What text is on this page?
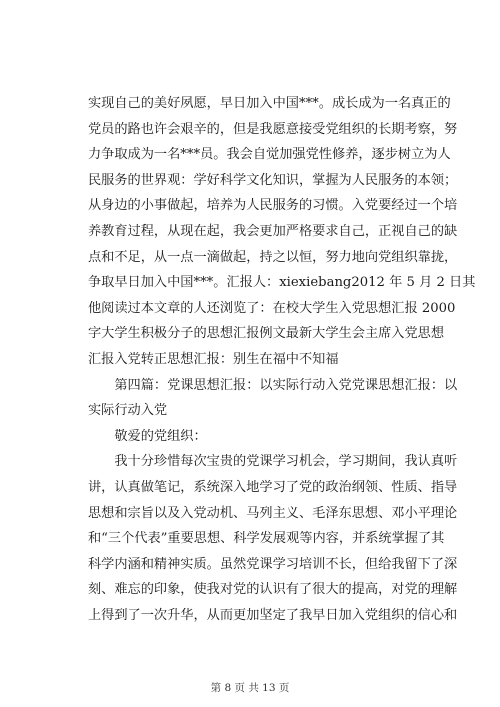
实现自己的美好夙愿，早日加入中国***。成长成为一名真正的
党员的路也许会艰辛的，但是我愿意接受党组织的长期考察，努
力争取成为一名***员。我会自觉加强党性修养，逐步树立为人
民服务的世界观：学好科学文化知识，掌握为人民服务的本领；
从身边的小事做起，培养为人民服务的习惯。入党要经过一个培
养教育过程，从现在起，我会更加严格要求自己，正视自己的缺
点和不足，从一点一滴做起，持之以恒，努力地向党组织靠拢，
争取早日加入中国***。汇报人：xiexiebang2012 年 5 月 2 日其
他阅读过本文章的人还浏览了：在校大学生入党思想汇报 2000
字大学生积极分子的思想汇报例文最新大学生会主席入党思想
汇报入党转正思想汇报：别生在福中不知福
　　第四篇：党课思想汇报：以实际行动入党党课思想汇报：以
实际行动入党
　　敬爱的党组织：
　　我十分珍惜每次宝贵的党课学习机会，学习期间，我认真听
讲，认真做笔记，系统深入地学习了党的政治纲领、性质、指导
思想和宗旨以及入党动机、马列主义、毛泽东思想、邓小平理论
和“三个代表”重要思想、科学发展观等内容，并系统掌握了其
科学内涵和精神实质。虽然党课学习培训不长，但给我留下了深
刻、难忘的印象，使我对党的认识有了很大的提高，对党的理解
上得到了一次升华，从而更加坚定了我早日加入党组织的信心和
第 8 页 共 13 页
